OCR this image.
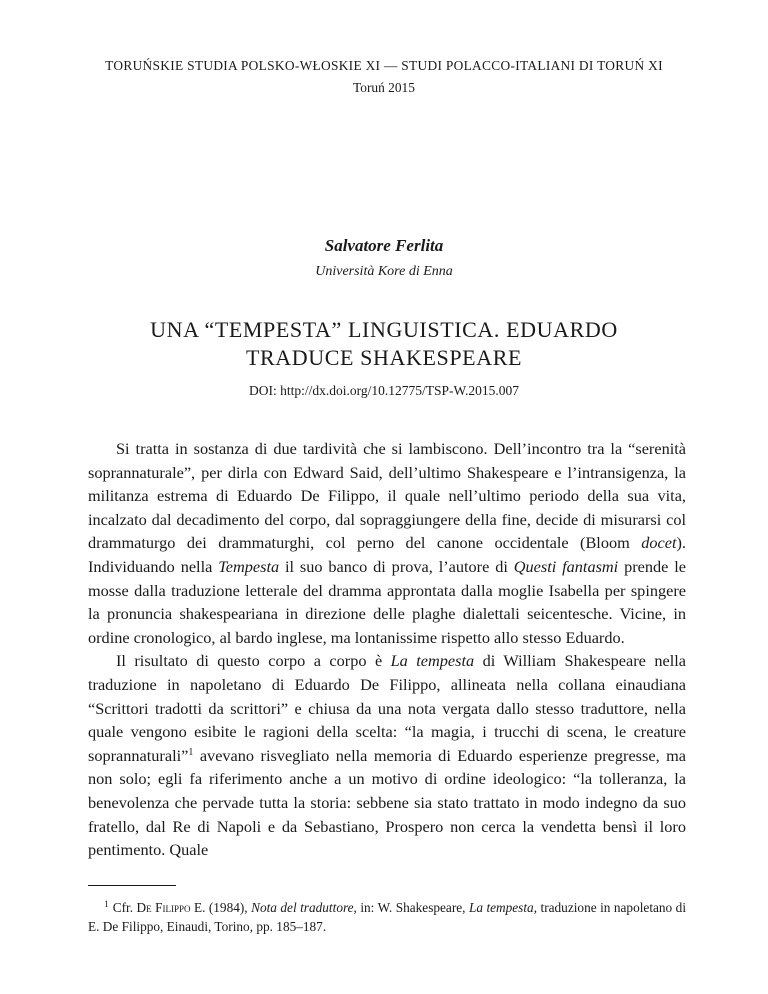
TORUŃSKIE STUDIA POLSKO-WŁOSKIE XI — STUDI POLACCO-ITALIANI DI TORUŃ XI
Toruń 2015
Salvatore Ferlita
Università Kore di Enna
UNA “TEMPESTA” LINGUISTICA. EDUARDO
TRADUCE SHAKESPEARE
DOI: http://dx.doi.org/10.12775/TSP-W.2015.007

Si tratta in sostanza di due tardività che si lambiscono. Dell’incontro tra la “serenità soprannaturale”, per dirla con Edward Said, dell’ultimo Shakespeare e l’intransigenza, la militanza estrema di Eduardo De Filippo, il quale nell’ultimo periodo della sua vita, incalzato dal decadimento del corpo, dal sopraggiungere della fine, decide di misurarsi col drammaturgo dei drammaturghi, col perno del canone occidentale (Bloom docet). Individuando nella Tempesta il suo banco di prova, l’autore di Questi fantasmi prende le mosse dalla traduzione letterale del dramma approntata dalla moglie Isabella per spingere la pronuncia shakespeariana in direzione delle plaghe dialettali seicentesche. Vicine, in ordine cronologico, al bardo inglese, ma lontanissime rispetto allo stesso Eduardo.

Il risultato di questo corpo a corpo è La tempesta di William Shakespeare nella traduzione in napoletano di Eduardo De Filippo, allineata nella collana einaudiana “Scrittori tradotti da scrittori” e chiusa da una nota vergata dallo stesso traduttore, nella quale vengono esibite le ragioni della scelta: “la magia, i trucchi di scena, le creature soprannaturali”$^1$ avevano risvegliato nella memoria di Eduardo esperienze pregresse, ma non solo; egli fa riferimento anche a un motivo di ordine ideologico: “la tolleranza, la benevolenza che pervade tutta la storia: sebbene sia stato trattato in modo indegno da suo fratello, dal Re di Napoli e da Sebastiano, Prospero non cerca la vendetta bensì il loro pentimento. Quale

$^1$ Cfr. De Filippo E. (1984), Nota del traduttore, in: W. Shakespeare, La tempesta, traduzione in napoletano di E. De Filippo, Einaudi, Torino, pp. 185–187.
